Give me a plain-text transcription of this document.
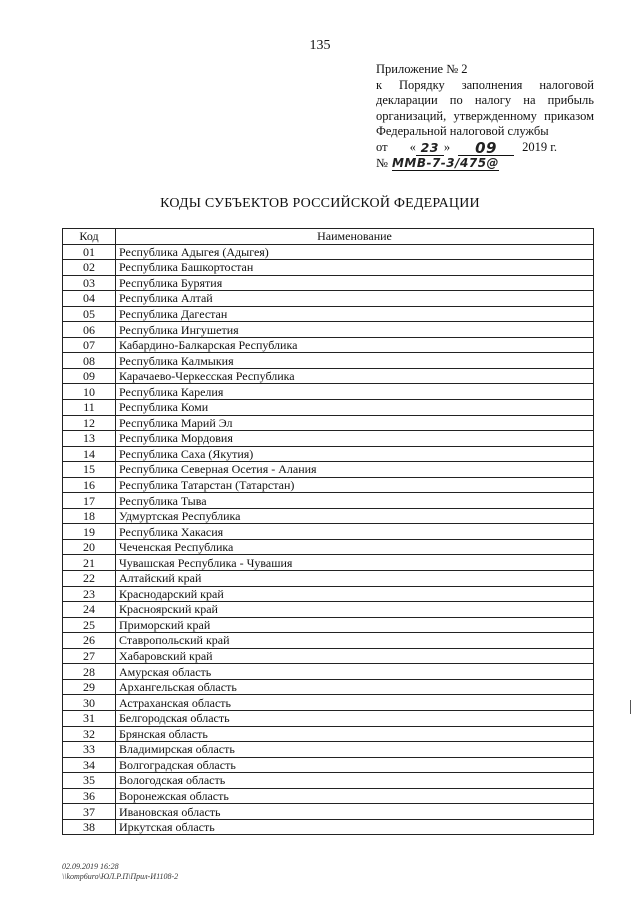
135
Приложение № 2
к Порядку заполнения налоговой декларации по налогу на прибыль организаций, утвержденному приказом
Федеральной налоговой службы
от « 23 »	09	2019 г.
№ ММВ-7-3/475@
КОДЫ СУБЪЕКТОВ РОССИЙСКОЙ ФЕДЕРАЦИИ
Код	Наименование
01	Республика Адыгея (Адыгея)
02	Республика Башкортостан
03	Республика Бурятия
04	Республика Алтай
05	Республика Дагестан
06	Республика Ингушетия
07	Кабардино-Балкарская Республика
08	Республика Калмыкия
09	Карачаево-Черкесская Республика
10	Республика Карелия
11	Республика Коми
12	Республика Марий Эл
13	Республика Мордовия
14	Республика Саха (Якутия)
15	Республика Северная Осетия - Алания
16	Республика Татарстан (Татарстан)
17	Республика Тыва
18	Удмуртская Республика
19	Республика Хакасия
20	Чеченская Республика
21	Чувашская Республика - Чувашия
22	Алтайский край
23	Краснодарский край
24	Красноярский край
25	Приморский край
26	Ставропольский край
27	Хабаровский край
28	Амурская область
29	Архангельская область
30	Астраханская область
31	Белгородская область
32	Брянская область
33	Владимирская область
34	Волгоградская область
35	Вологодская область
36	Воронежская область
37	Ивановская область
38	Иркутская область
02.09.2019 16:28
\\komp6uro\ЮЛ.Р.П\Прил-И1108-2
